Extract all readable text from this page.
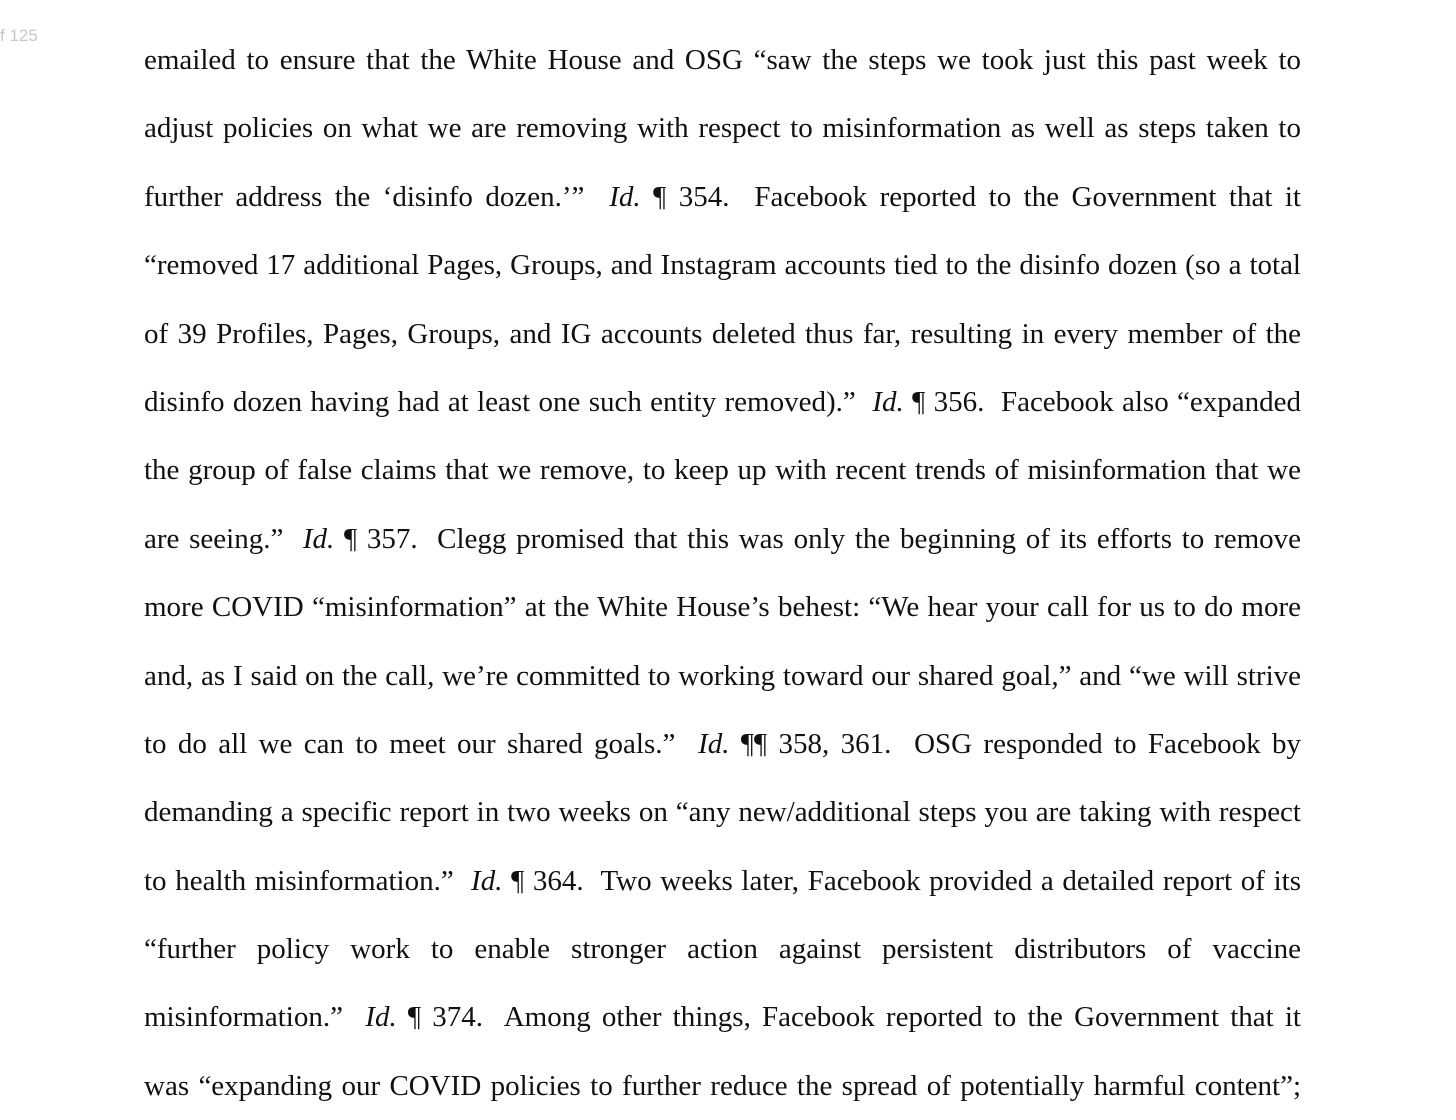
f 125
emailed to ensure that the White House and OSG “saw the steps we took just this past week to
adjust policies on what we are removing with respect to misinformation as well as steps taken to
further address the ‘disinfo dozen.’”  Id. ¶ 354.  Facebook reported to the Government that it
“removed 17 additional Pages, Groups, and Instagram accounts tied to the disinfo dozen (so a total
of 39 Profiles, Pages, Groups, and IG accounts deleted thus far, resulting in every member of the
disinfo dozen having had at least one such entity removed).”  Id. ¶ 356.  Facebook also “expanded
the group of false claims that we remove, to keep up with recent trends of misinformation that we
are seeing.”  Id. ¶ 357.  Clegg promised that this was only the beginning of its efforts to remove
more COVID “misinformation” at the White House’s behest: “We hear your call for us to do more
and, as I said on the call, we’re committed to working toward our shared goal,” and “we will strive
to do all we can to meet our shared goals.”  Id. ¶¶ 358, 361.  OSG responded to Facebook by
demanding a specific report in two weeks on “any new/additional steps you are taking with respect
to health misinformation.”  Id. ¶ 364.  Two weeks later, Facebook provided a detailed report of its
“further policy work to enable stronger action against persistent distributors of vaccine
misinformation.”  Id. ¶ 374.  Among other things, Facebook reported to the Government that it
was “expanding our COVID policies to further reduce the spread of potentially harmful content”;
